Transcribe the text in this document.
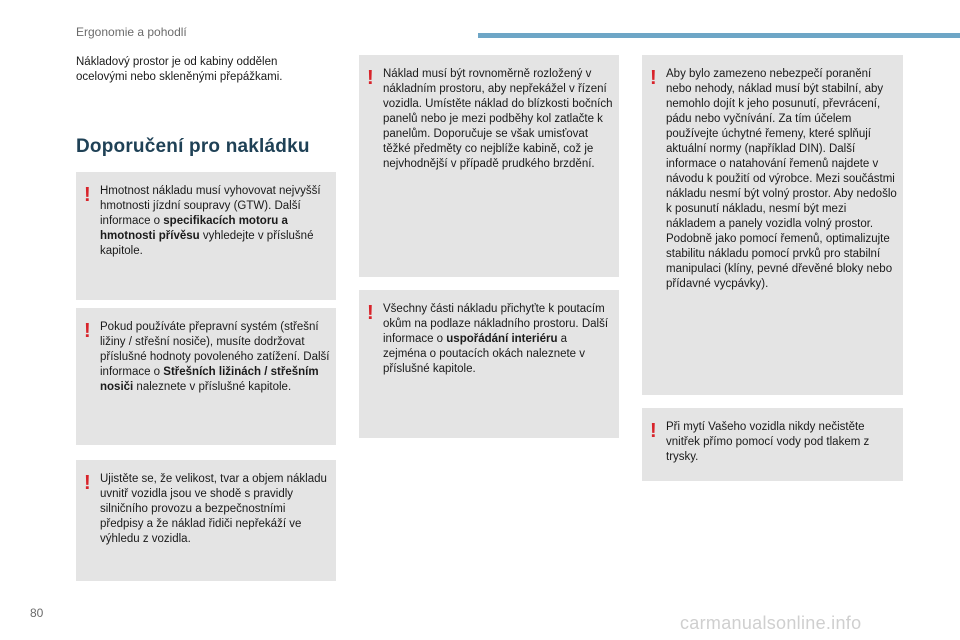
Ergonomie a pohodlí
Nákladový prostor je od kabiny oddělen ocelovými nebo skleněnými přepážkami.
Doporučení pro nakládku
! Hmotnost nákladu musí vyhovovat nejvyšší hmotnosti jízdní soupravy (GTW). Další informace o specifikacích motoru a hmotnosti přívěsu vyhledejte v příslušné kapitole.

! Pokud používáte přepravní systém (střešní ližiny / střešní nosiče), musíte dodržovat příslušné hodnoty povoleného zatížení. Další informace o Střešních ližinách / střešním nosiči naleznete v příslušné kapitole.

! Ujistěte se, že velikost, tvar a objem nákladu uvnitř vozidla jsou ve shodě s pravidly silničního provozu a bezpečnostními předpisy a že náklad řidiči nepřekáží ve výhledu z vozidla.

! Náklad musí být rovnoměrně rozložený v nákladním prostoru, aby nepřekážel v řízení vozidla. Umístěte náklad do blízkosti bočních panelů nebo je mezi podběhy kol zatlačte k panelům. Doporučuje se však umisťovat těžké předměty co nejblíže kabině, což je nejvhodnější v případě prudkého brzdění.

! Všechny části nákladu přichyťte k poutacím okům na podlaze nákladního prostoru. Další informace o uspořádání interiéru a zejména o poutacích okách naleznete v příslušné kapitole.

! Aby bylo zamezeno nebezpečí poranění nebo nehody, náklad musí být stabilní, aby nemohlo dojít k jeho posunutí, převrácení, pádu nebo vyčnívání. Za tím účelem používejte úchytné řemeny, které splňují aktuální normy (například DIN). Další informace o natahování řemenů najdete v návodu k použití od výrobce. Mezi součástmi nákladu nesmí být volný prostor. Aby nedošlo k posunutí nákladu, nesmí být mezi nákladem a panely vozidla volný prostor. Podobně jako pomocí řemenů, optimalizujte stabilitu nákladu pomocí prvků pro stabilní manipulaci (klíny, pevné dřevěné bloky nebo přídavné vycpávky).

! Při mytí Vašeho vozidla nikdy nečistěte vnitřek přímo pomocí vody pod tlakem z trysky.

80	carmanualsonline.info
